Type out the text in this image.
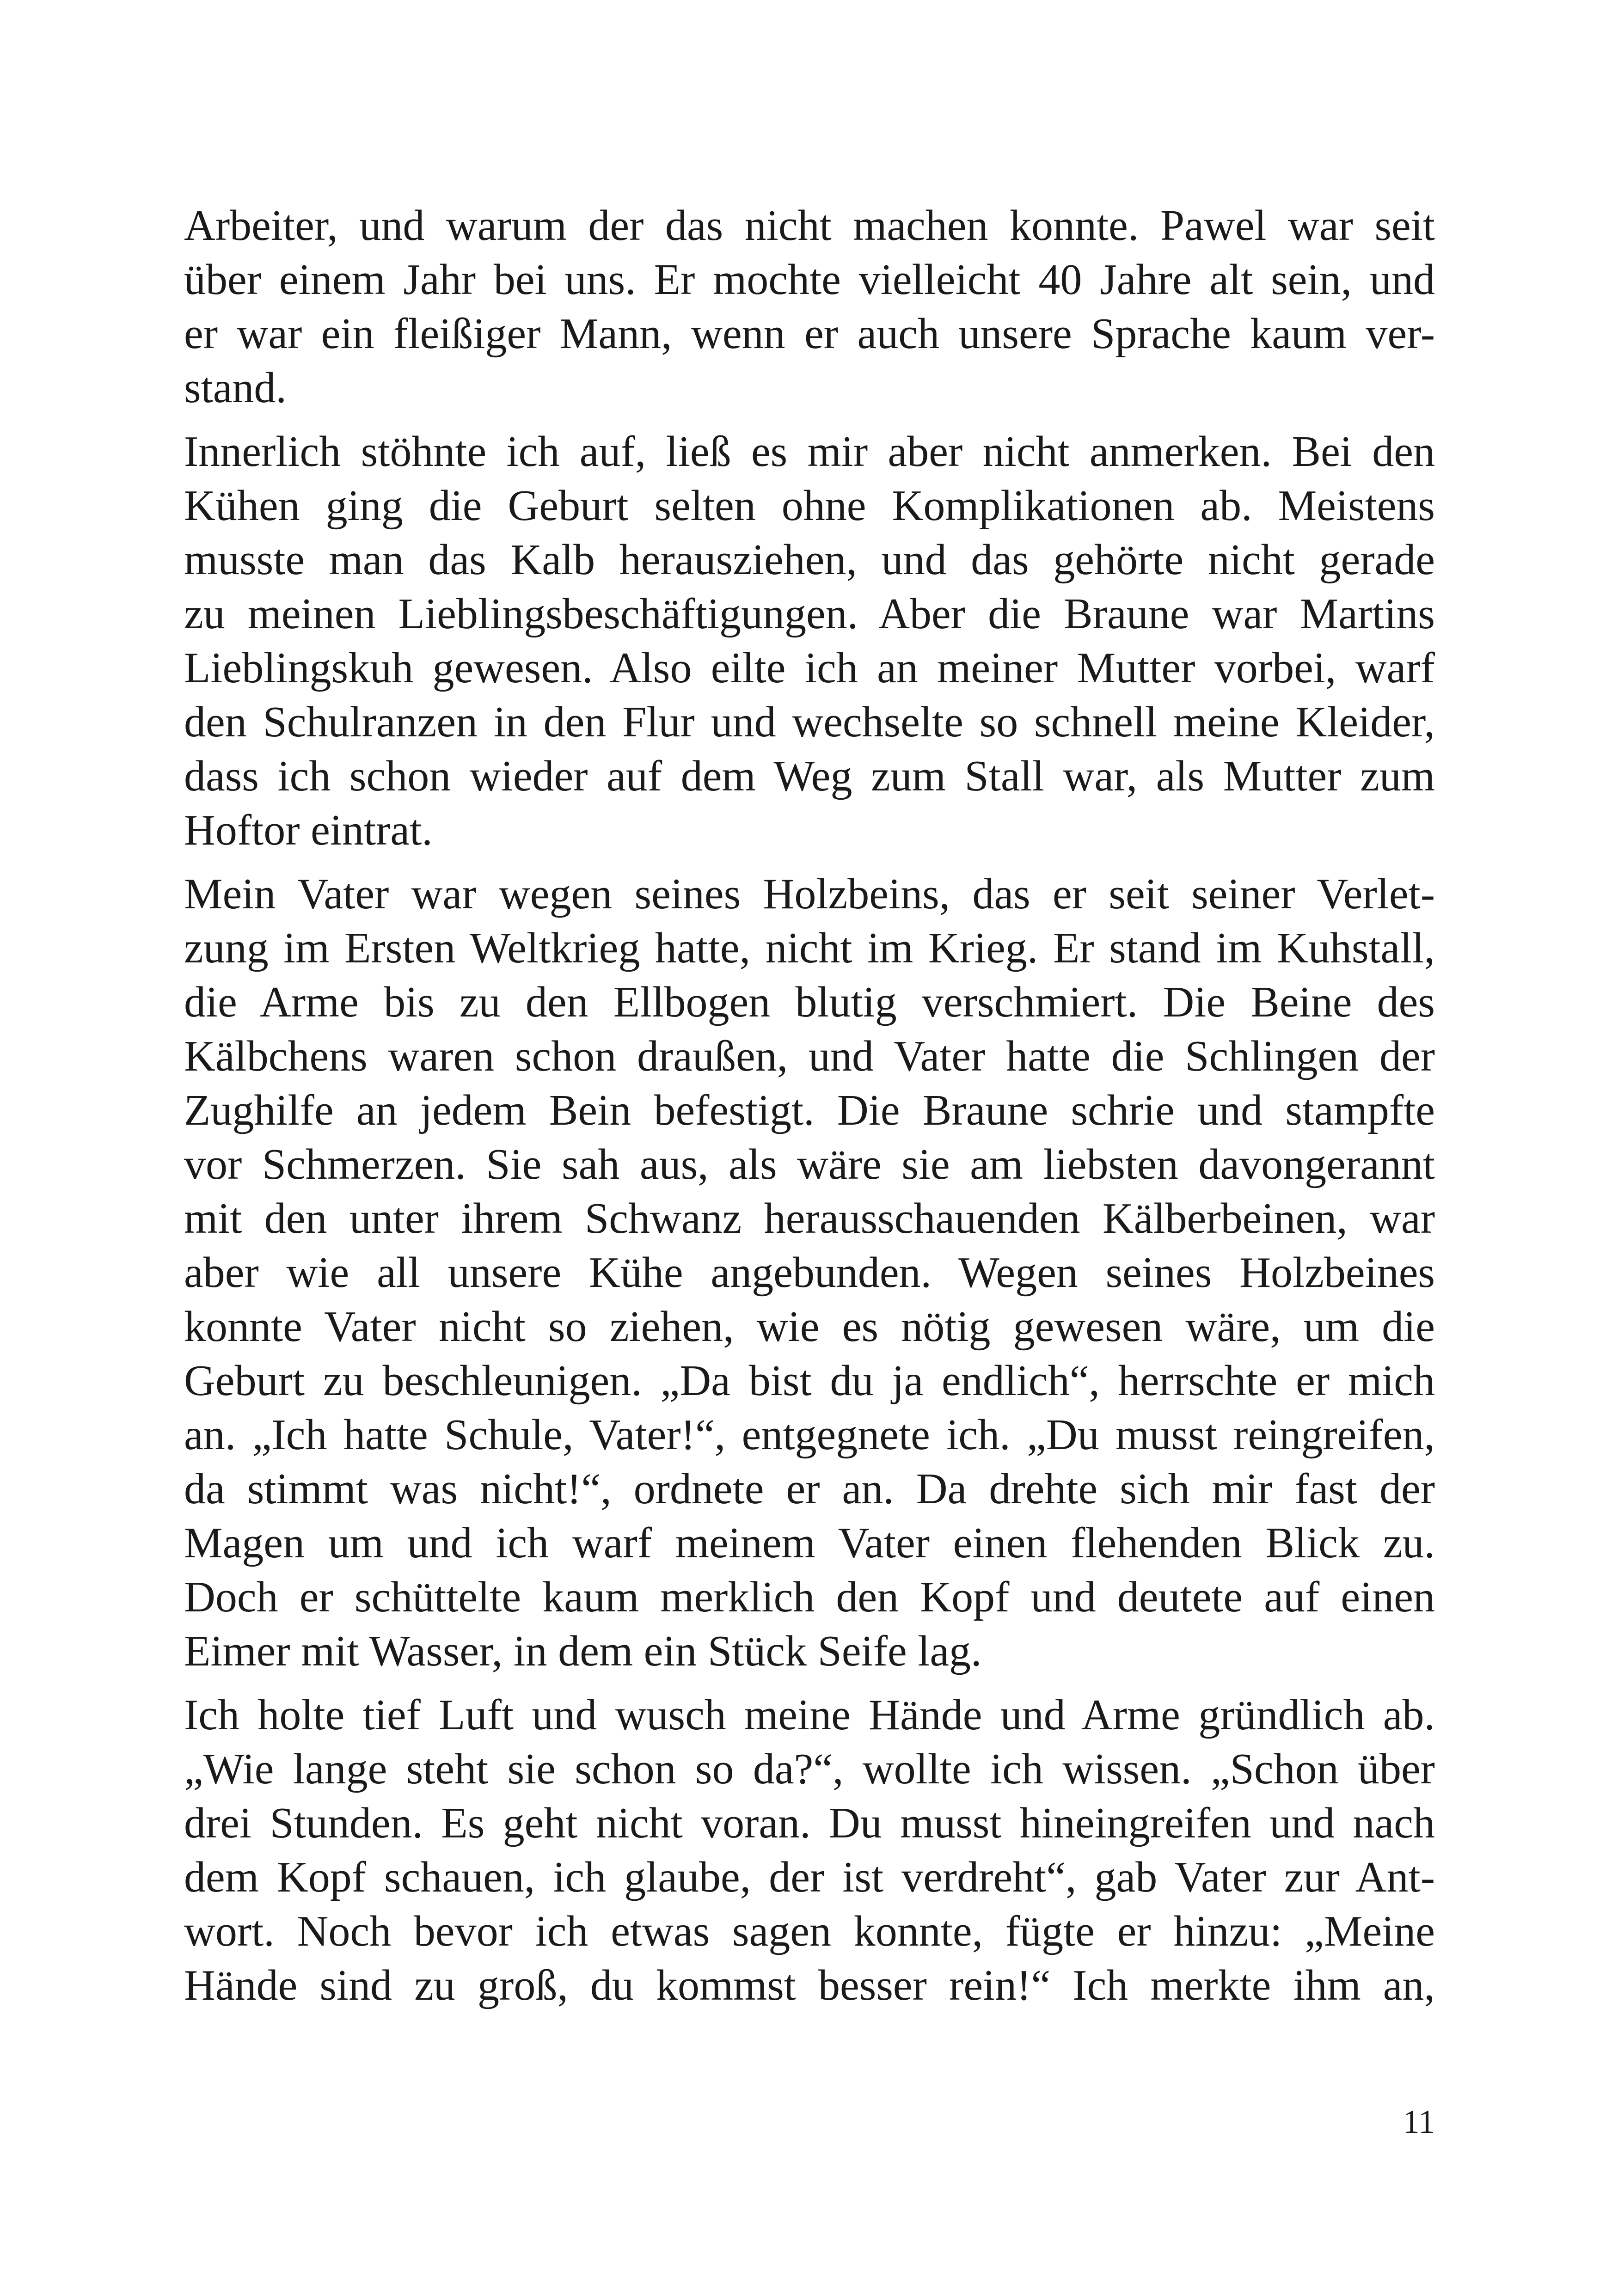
Arbeiter, und warum der das nicht machen konnte. Pawel war seit
über einem Jahr bei uns. Er mochte vielleicht 40 Jahre alt sein, und
er war ein fleißiger Mann, wenn er auch unsere Sprache kaum ver-
stand.
Innerlich stöhnte ich auf, ließ es mir aber nicht anmerken. Bei den
Kühen ging die Geburt selten ohne Komplikationen ab. Meistens
musste man das Kalb herausziehen, und das gehörte nicht gerade
zu meinen Lieblingsbeschäftigungen. Aber die Braune war Martins
Lieblingskuh gewesen. Also eilte ich an meiner Mutter vorbei, warf
den Schulranzen in den Flur und wechselte so schnell meine Kleider,
dass ich schon wieder auf dem Weg zum Stall war, als Mutter zum
Hoftor eintrat.
Mein Vater war wegen seines Holzbeins, das er seit seiner Verlet-
zung im Ersten Weltkrieg hatte, nicht im Krieg. Er stand im Kuhstall,
die Arme bis zu den Ellbogen blutig verschmiert. Die Beine des
Kälbchens waren schon draußen, und Vater hatte die Schlingen der
Zughilfe an jedem Bein befestigt. Die Braune schrie und stampfte
vor Schmerzen. Sie sah aus, als wäre sie am liebsten davongerannt
mit den unter ihrem Schwanz herausschauenden Kälberbeinen, war
aber wie all unsere Kühe angebunden. Wegen seines Holzbeines
konnte Vater nicht so ziehen, wie es nötig gewesen wäre, um die
Geburt zu beschleunigen. „Da bist du ja endlich“, herrschte er mich
an. „Ich hatte Schule, Vater!“, entgegnete ich. „Du musst reingreifen,
da stimmt was nicht!“, ordnete er an. Da drehte sich mir fast der
Magen um und ich warf meinem Vater einen flehenden Blick zu.
Doch er schüttelte kaum merklich den Kopf und deutete auf einen
Eimer mit Wasser, in dem ein Stück Seife lag.
Ich holte tief Luft und wusch meine Hände und Arme gründlich ab.
„Wie lange steht sie schon so da?“, wollte ich wissen. „Schon über
drei Stunden. Es geht nicht voran. Du musst hineingreifen und nach
dem Kopf schauen, ich glaube, der ist verdreht“, gab Vater zur Ant-
wort. Noch bevor ich etwas sagen konnte, fügte er hinzu: „Meine
Hände sind zu groß, du kommst besser rein!“ Ich merkte ihm an,
11
